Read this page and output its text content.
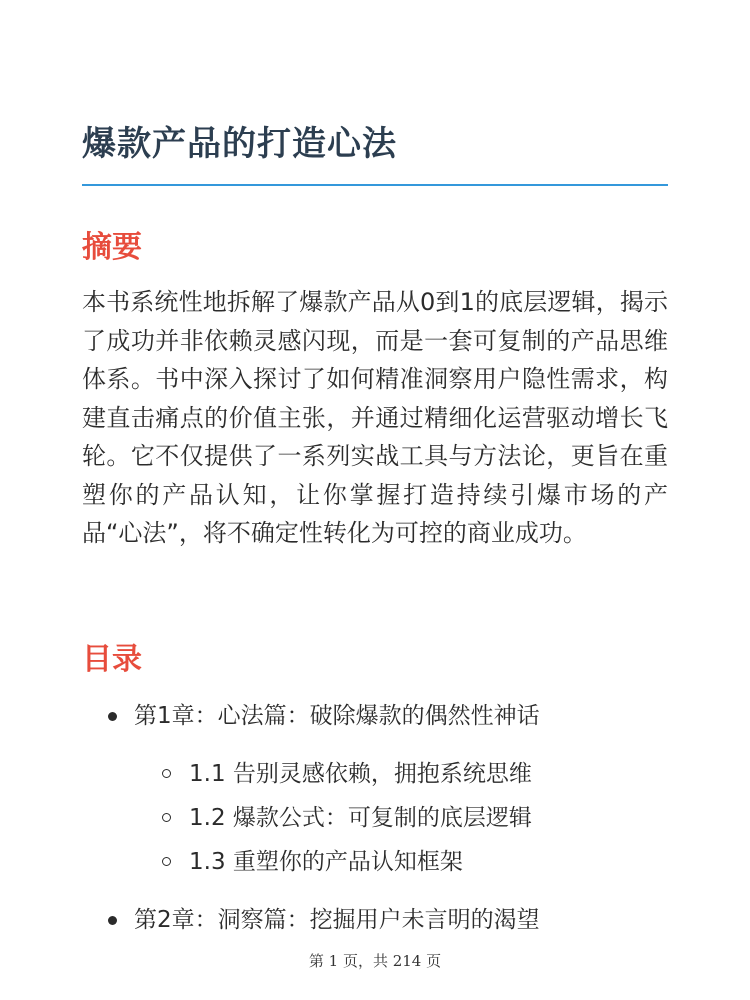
爆款产品的打造心法
摘要

本书系统性地拆解了爆款产品从0到1的底层逻辑，揭示了成功并非依赖灵感闪现，而是一套可复制的产品思维体系。书中深入探讨了如何精准洞察用户隐性需求，构建直击痛点的价值主张，并通过精细化运营驱动增长飞轮。它不仅提供了一系列实战工具与方法论，更旨在重塑你的产品认知，让你掌握打造持续引爆市场的产品“心法”，将不确定性转化为可控的商业成功。

目录
第1章：心法篇：破除爆款的偶然性神话
1.1 告别灵感依赖，拥抱系统思维
1.2 爆款公式：可复制的底层逻辑
1.3 重塑你的产品认知框架
第2章：洞察篇：挖掘用户未言明的渴望
第 1 页，共 214 页
